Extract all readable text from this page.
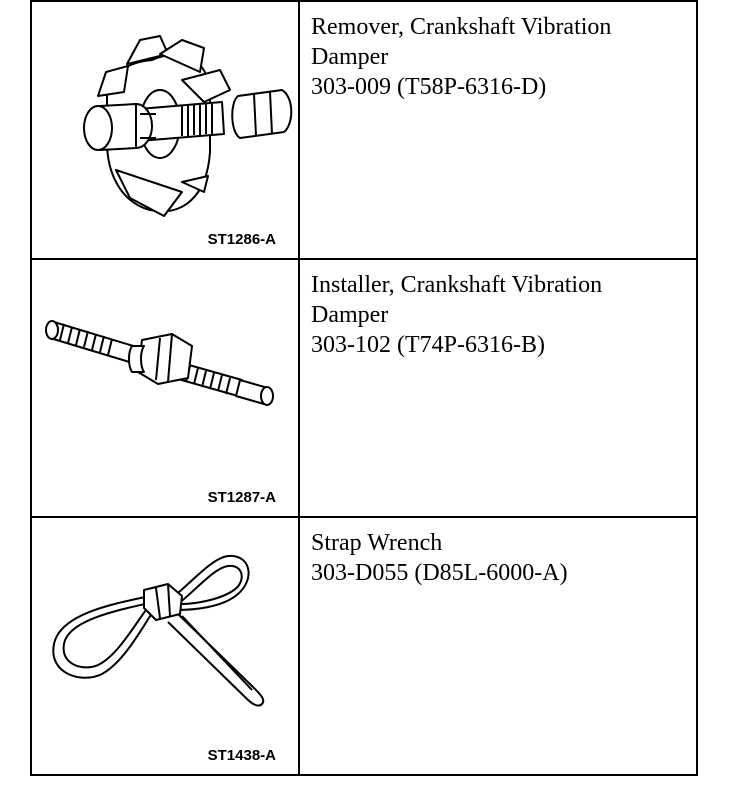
ST1286-A	Remover, Crankshaft Vibration
Damper
303-009 (T58P-6316-D)

ST1287-A	Installer, Crankshaft Vibration
Damper
303-102 (T74P-6316-B)

ST1438-A	Strap Wrench
303-D055 (D85L-6000-A)
